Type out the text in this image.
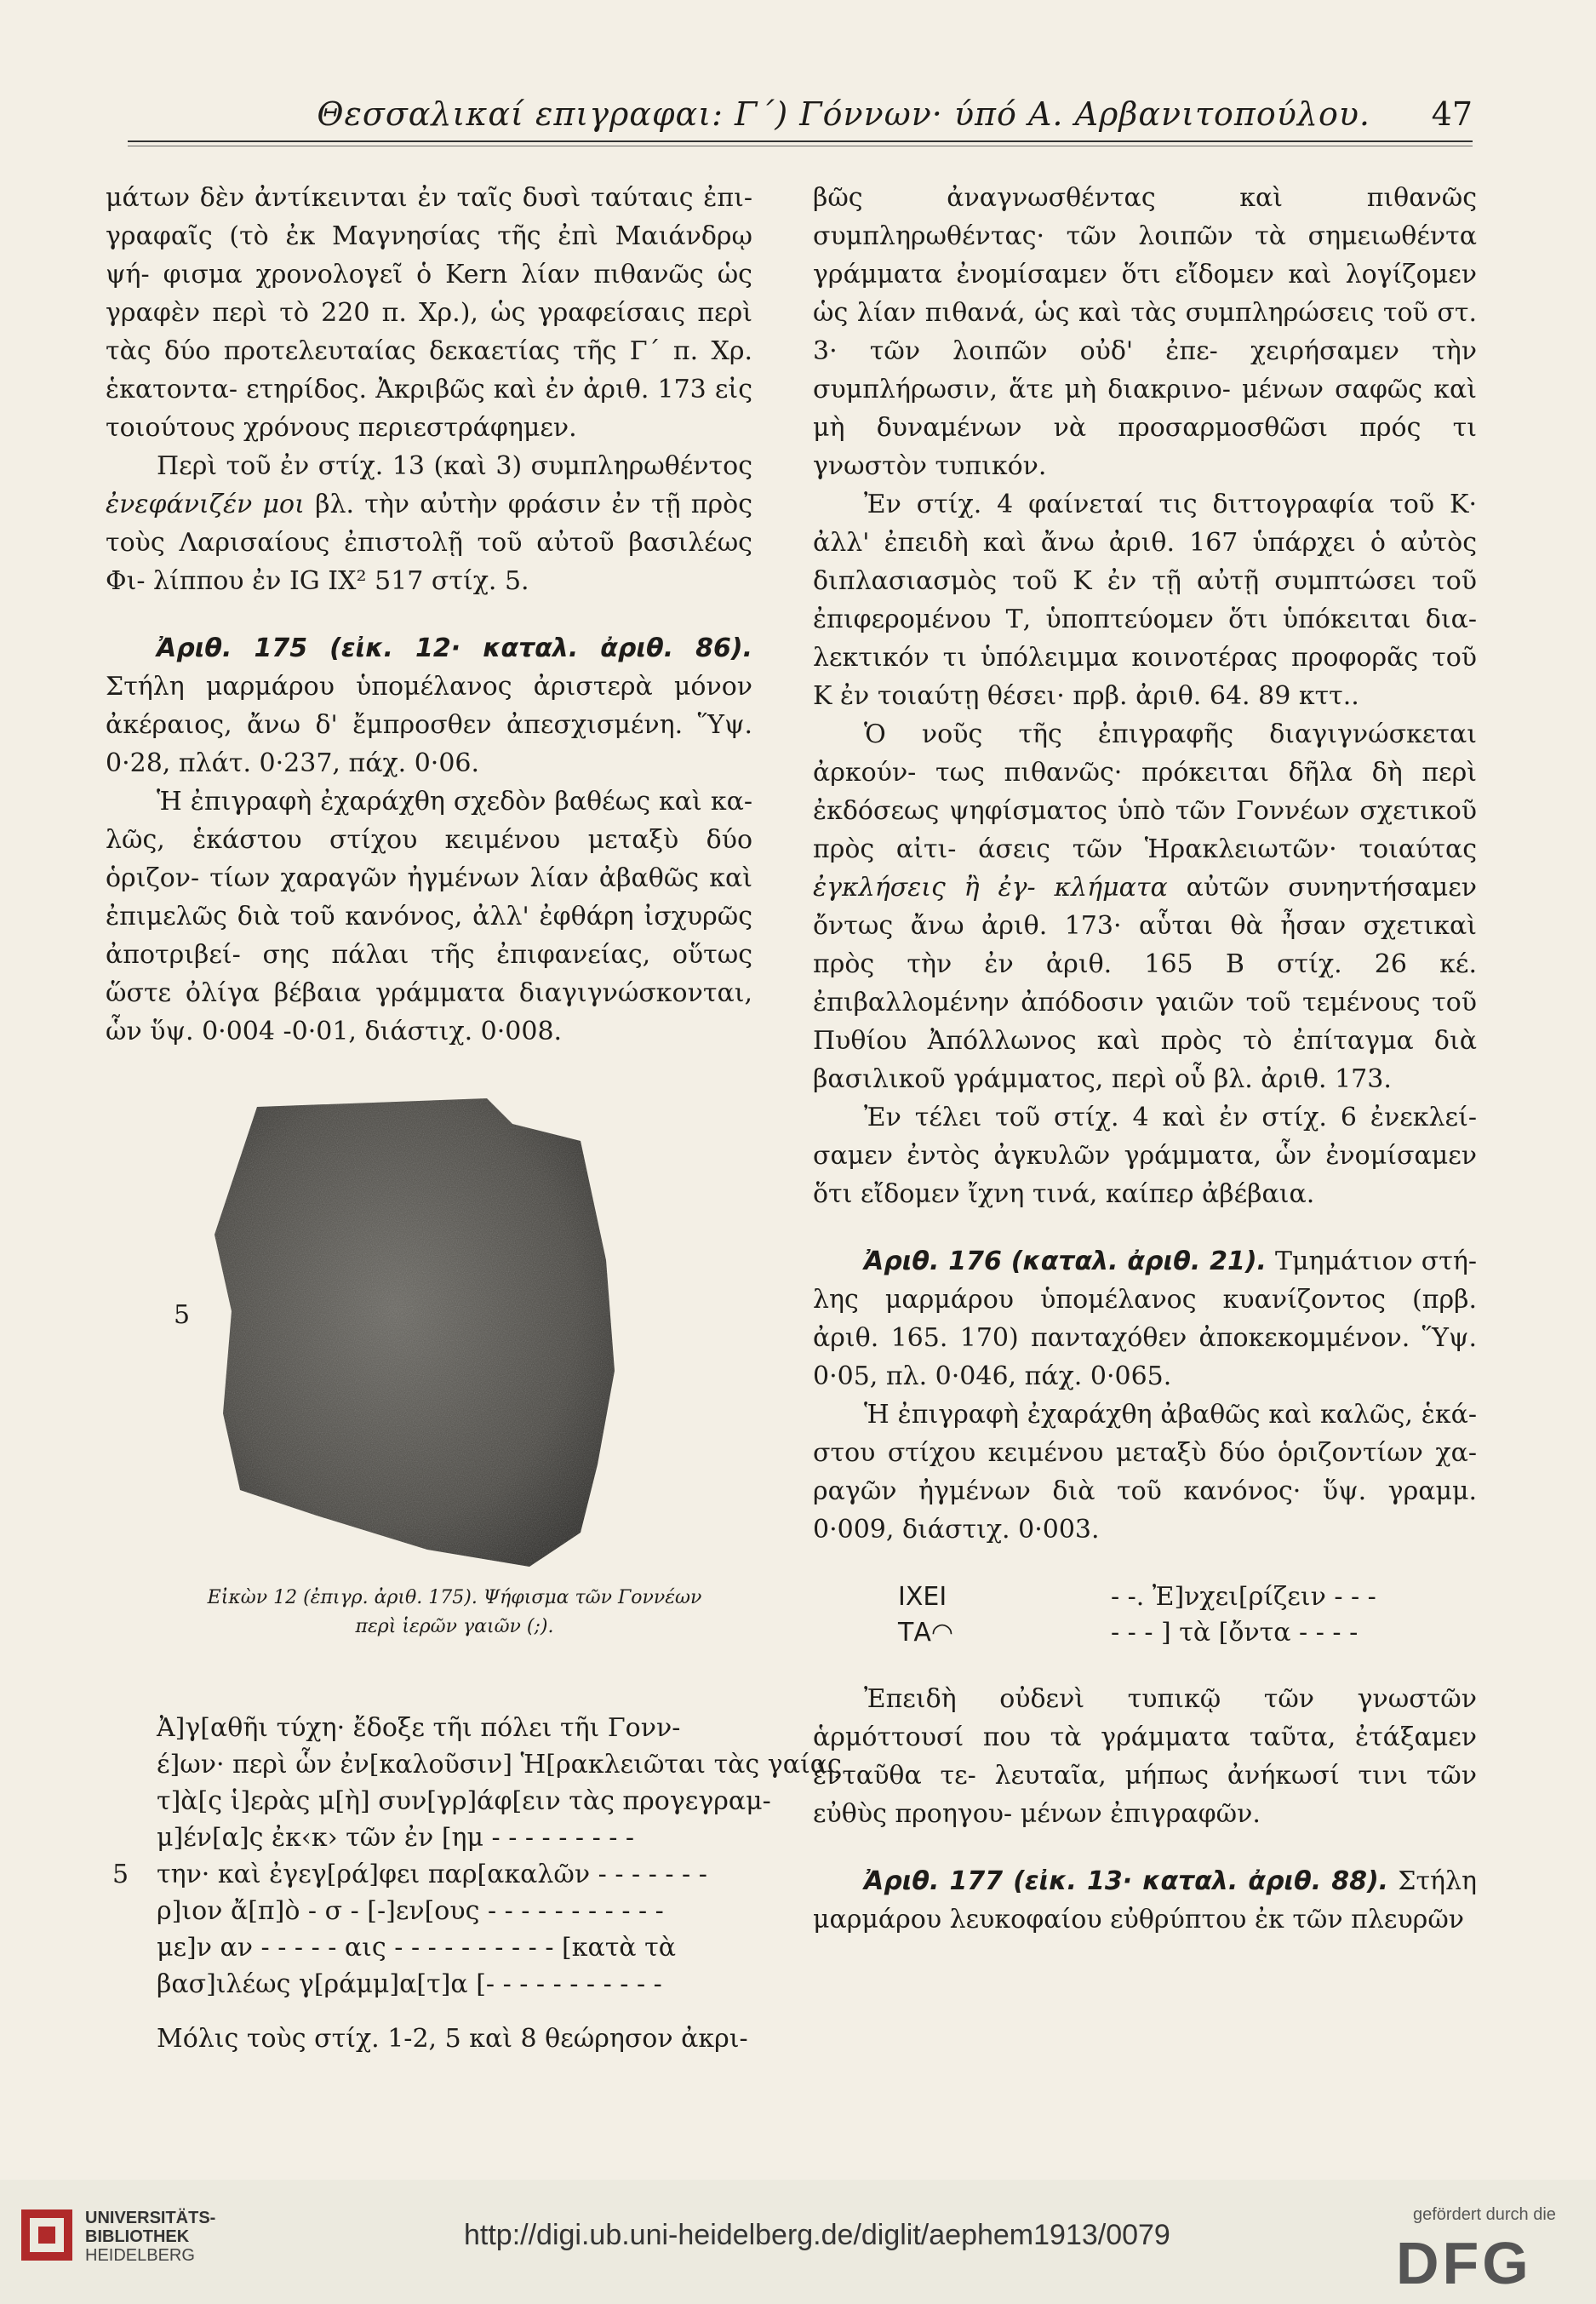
Θεσσαλικαί επιγραφαι: Γ΄) Γόννων· ύπό Α. Αρβανιτοπούλου. 47

μάτων δὲν ἀντίκεινται ἐν ταῖς δυσὶ ταύταις ἐπι- γραφαῖς (τὸ ἐκ Μαγνησίας τῆς ἐπὶ Μαιάνδρῳ ψή- φισμα χρονολογεῖ ὁ Kern λίαν πιθανῶς ὡς γραφὲν περὶ τὸ 220 π. Χρ.), ὡς γραφείσαις περὶ τὰς δύο προτελευταίας δεκαετίας τῆς Γ΄ π. Χρ. ἑκατοντα- ετηρίδος. Ἀκριβῶς καὶ ἐν ἀριθ. 173 εἰς τοιούτους χρόνους περιεστράφημεν.

Περὶ τοῦ ἐν στίχ. 13 (καὶ 3) συμπληρωθέντος ἐνεφάνιζέν μοι βλ. τὴν αὐτὴν φράσιν ἐν τῇ πρὸς τοὺς Λαρισαίους ἐπιστολῇ τοῦ αὐτοῦ βασιλέως Φι- λίππου ἐν IG IX² 517 στίχ. 5.

Ἀριθ. 175 (εἰκ. 12· καταλ. ἀριθ. 86). Στήλη μαρμάρου ὑπομέλανος ἀριστερὰ μόνον ἀκέραιος, ἄνω δ' ἔμπροσθεν ἀπεσχισμένη. Ὕψ. 0·28, πλάτ. 0·237, πάχ. 0·06.

Ἡ ἐπιγραφὴ ἐχαράχθη σχεδὸν βαθέως καὶ κα- λῶς, ἑκάστου στίχου κειμένου μεταξὺ δύο ὁριζον- τίων χαραγῶν ἠγμένων λίαν ἀβαθῶς καὶ ἐπιμελῶς διὰ τοῦ κανόνος, ἀλλ' ἐφθάρη ἰσχυρῶς ἀποτριβεί- σης πάλαι τῆς ἐπιφανείας, οὕτως ὥστε ὀλίγα βέβαια γράμματα διαγιγνώσκονται, ὧν ὕψ. 0·004 -0·01, διάστιχ. 0·008.

5
Εἰκὼν 12 (ἐπιγρ. ἀριθ. 175). Ψήφισμα τῶν Γοννέων
περὶ ἱερῶν γαιῶν (;).
Ἀ]γ[αθῆι τύχη· ἔδοξε τῆι πόλει τῆι Γονν-
έ]ων· περὶ ὧν ἐν[καλοῦσιν] Ἡ[ρακλειῶται τὰς γαίας
τ]ὰ[ς ἱ]ερὰς μ[ὴ] συν[γρ]άφ[ειν τὰς προγεγραμ-
μ]έν[α]ς ἐκ‹κ› τῶν ἐν [ημ - - - - - - - - -
5 την· καὶ ἐγεγ[ρά]φει παρ[ακαλῶν - - - - - - -
ρ]ιον ἄ[π]ὸ - σ - [-]εν[ους - - - - - - - - - - -
με]ν αν - - - - - αις - - - - - - - - - - [κατὰ τὰ
βασ]ιλέως γ[ράμμ]α[τ]α [- - - - - - - - - - -

Μόλις τοὺς στίχ. 1-2, 5 καὶ 8 θεώρησον ἀκρι-

βῶς ἀναγνωσθέντας καὶ πιθανῶς συμπληρωθέντας· τῶν λοιπῶν τὰ σημειωθέντα γράμματα ἐνομίσαμεν ὅτι εἴδομεν καὶ λογίζομεν ὡς λίαν πιθανά, ὡς καὶ τὰς συμπληρώσεις τοῦ στ. 3· τῶν λοιπῶν οὐδ' ἐπε- χειρήσαμεν τὴν συμπλήρωσιν, ἅτε μὴ διακρινο- μένων σαφῶς καὶ μὴ δυναμένων νὰ προσαρμοσθῶσι πρός τι γνωστὸν τυπικόν.

Ἐν στίχ. 4 φαίνεταί τις διττογραφία τοῦ Κ· ἀλλ' ἐπειδὴ καὶ ἄνω ἀριθ. 167 ὑπάρχει ὁ αὐτὸς διπλασιασμὸς τοῦ Κ ἐν τῇ αὐτῇ συμπτώσει τοῦ ἐπιφερομένου Τ, ὑποπτεύομεν ὅτι ὑπόκειται δια- λεκτικόν τι ὑπόλειμμα κοινοτέρας προφορᾶς τοῦ Κ ἐν τοιαύτῃ θέσει· πρβ. ἀριθ. 64. 89 κττ..

Ὁ νοῦς τῆς ἐπιγραφῆς διαγιγνώσκεται ἀρκούν- τως πιθανῶς· πρόκειται δῆλα δὴ περὶ ἐκδόσεως ψηφίσματος ὑπὸ τῶν Γοννέων σχετικοῦ πρὸς αἰτι- άσεις τῶν Ἡρακλειωτῶν· τοιαύτας ἐγκλήσεις ἢ ἐγ- κλήματα αὐτῶν συνηντήσαμεν ὄντως ἄνω ἀριθ. 173· αὗται θὰ ἦσαν σχετικαὶ πρὸς τὴν ἐν ἀριθ. 165 Β στίχ. 26 κέ. ἐπιβαλλομένην ἀπόδοσιν γαιῶν τοῦ τεμένους τοῦ Πυθίου Ἀπόλλωνος καὶ πρὸς τὸ ἐπίταγμα διὰ βασιλικοῦ γράμματος, περὶ οὗ βλ. ἀριθ. 173.

Ἐν τέλει τοῦ στίχ. 4 καὶ ἐν στίχ. 6 ἐνεκλεί- σαμεν ἐντὸς ἀγκυλῶν γράμματα, ὧν ἐνομίσαμεν ὅτι εἴδομεν ἴχνη τινά, καίπερ ἀβέβαια.

Ἀριθ. 176 (καταλ. ἀριθ. 21). Τμημάτιον στή- λης μαρμάρου ὑπομέλανος κυανίζοντος (πρβ. ἀριθ. 165. 170) πανταχόθεν ἀποκεκομμένον. Ὕψ. 0·05, πλ. 0·046, πάχ. 0·065.

Ἡ ἐπιγραφὴ ἐχαράχθη ἀβαθῶς καὶ καλῶς, ἑκά- στου στίχου κειμένου μεταξὺ δύο ὁριζοντίων χα- ραγῶν ἠγμένων διὰ τοῦ κανόνος· ὕψ. γραμμ. 0·009, διάστιχ. 0·003.

ΙΧΕΙ	- -. Ἐ]νχει[ρίζειν - - -
ΤΑ◠	- - - ] τὰ [ὄντα - - - -

Ἐπειδὴ οὐδενὶ τυπικῷ τῶν γνωστῶν ἁρμόττουσί που τὰ γράμματα ταῦτα, ἐτάξαμεν ἐνταῦθα τε- λευταῖα, μήπως ἀνήκωσί τινι τῶν εὐθὺς προηγου- μένων ἐπιγραφῶν.

Ἀριθ. 177 (εἰκ. 13· καταλ. ἀριθ. 88). Στήλη μαρμάρου λευκοφαίου εὐθρύπτου ἐκ τῶν πλευρῶν

UNIVERSITÄTS-
BIBLIOTHEK
HEIDELBERG
http://digi.ub.uni-heidelberg.de/diglit/aephem1913/0079
gefördert durch die
DFG
